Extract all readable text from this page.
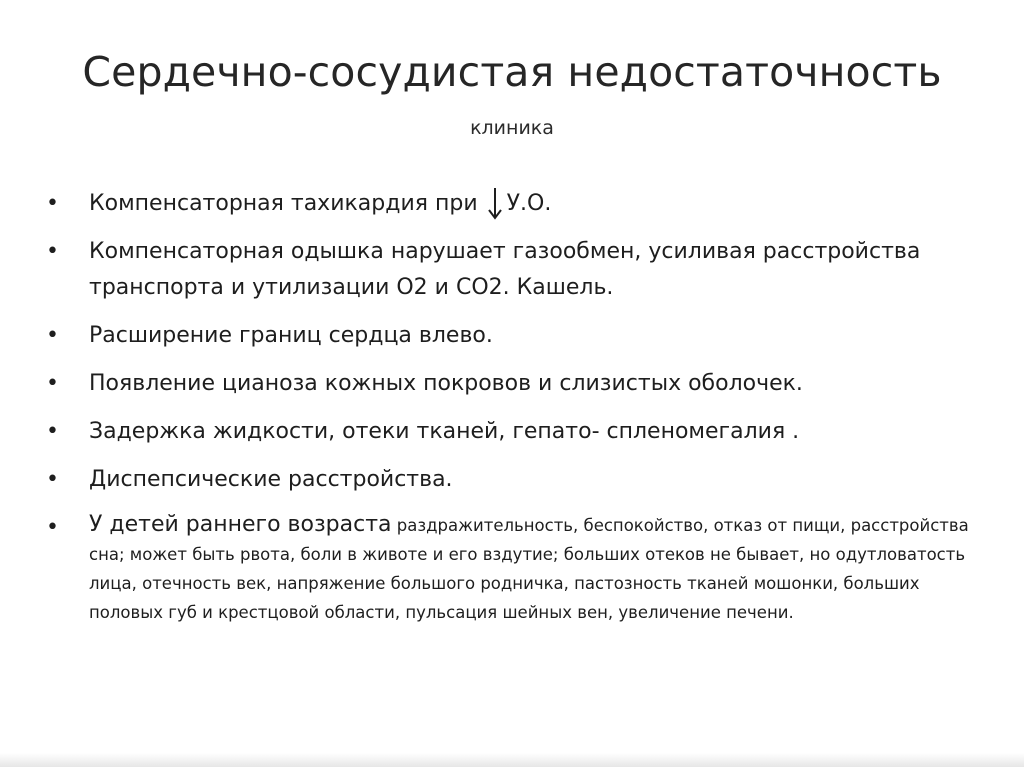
Сердечно-сосудистая недостаточность
клиника
•	Компенсаторная тахикардия при У.О.
•	Компенсаторная одышка нарушает газообмен, усиливая расстройства транспорта и утилизации О2 и СО2. Кашель.
•	Расширение границ сердца влево.
•	Появление цианоза кожных покровов и слизистых оболочек.
•	Задержка жидкости, отеки тканей, гепато- спленомегалия .
•	Диспепсические расстройства.
•	У детей раннего возраста раздражительность, беспокойство, отказ от пищи, расстройства сна; может быть рвота, боли в животе и его вздутие; больших отеков не бывает, но одутловатость лица, отечность век, напряжение большого родничка, пастозность тканей мошонки, больших половых губ и крестцовой области, пульсация шейных вен, увеличение печени.
